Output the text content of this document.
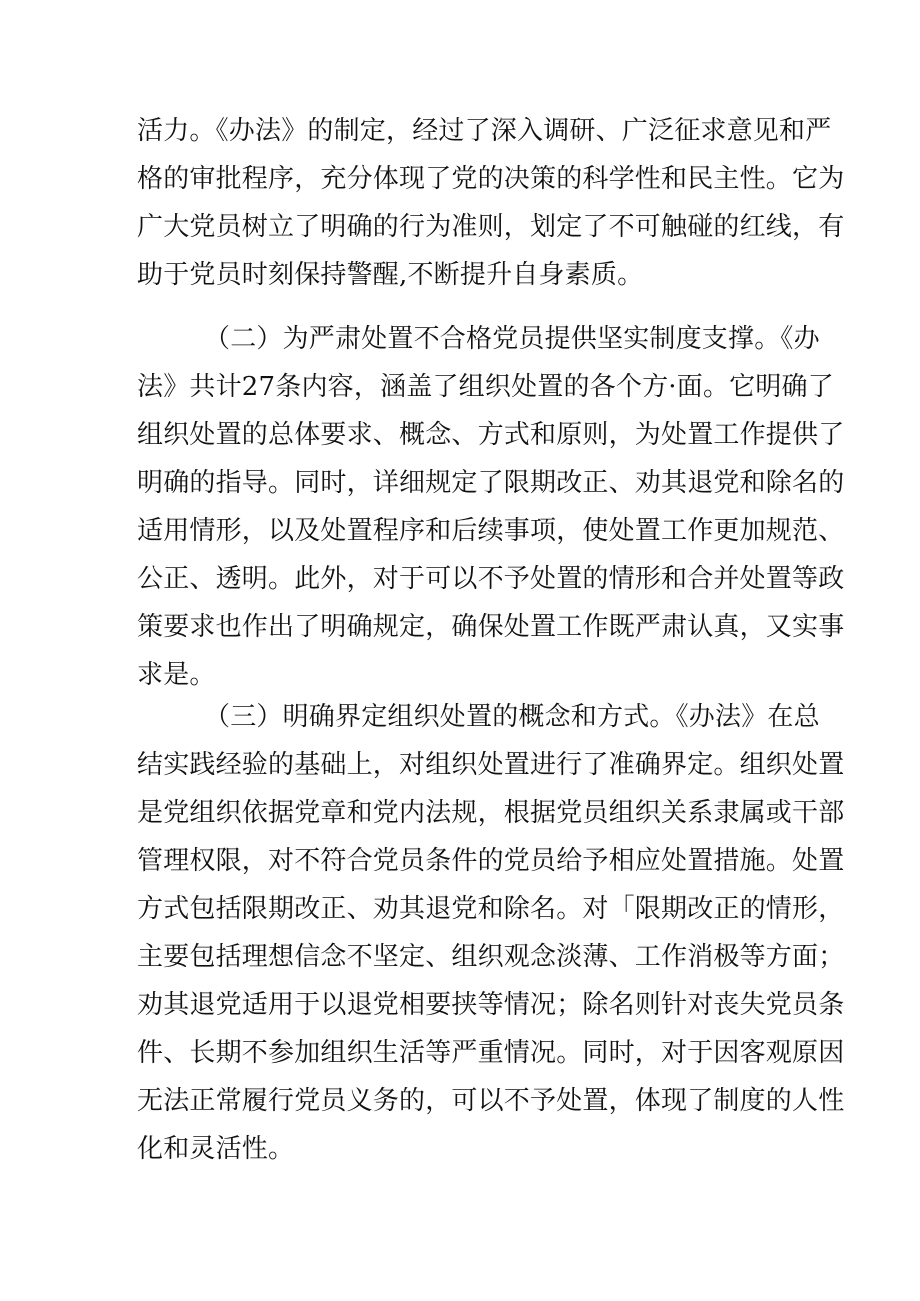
活力。《办法》的制定，经过了深入调研、广泛征求意见和严
格的审批程序，充分体现了党的决策的科学性和民主性。它为
广大党员树立了明确的行为准则，划定了不可触碰的红线，有
助于党员时刻保持警醒,不断提升自身素质。
（二）为严肃处置不合格党员提供坚实制度支撑。《办
法》共计27条内容，涵盖了组织处置的各个方·面。它明确了
组织处置的总体要求、概念、方式和原则，为处置工作提供了
明确的指导。同时，详细规定了限期改正、劝其退党和除名的
适用情形，以及处置程序和后续事项，使处置工作更加规范、
公正、透明。此外，对于可以不予处置的情形和合并处置等政
策要求也作出了明确规定，确保处置工作既严肃认真，又实事
求是。
（三）明确界定组织处置的概念和方式。《办法》在总
结实践经验的基础上，对组织处置进行了准确界定。组织处置
是党组织依据党章和党内法规，根据党员组织关系隶属或干部
管理权限，对不符合党员条件的党员给予相应处置措施。处置
方式包括限期改正、劝其退党和除名。对「限期改正的情形，
主要包括理想信念不坚定、组织观念淡薄、工作消极等方面；
劝其退党适用于以退党相要挟等情况；除名则针对丧失党员条
件、长期不参加组织生活等严重情况。同时，对于因客观原因
无法正常履行党员义务的，可以不予处置，体现了制度的人性
化和灵活性。
